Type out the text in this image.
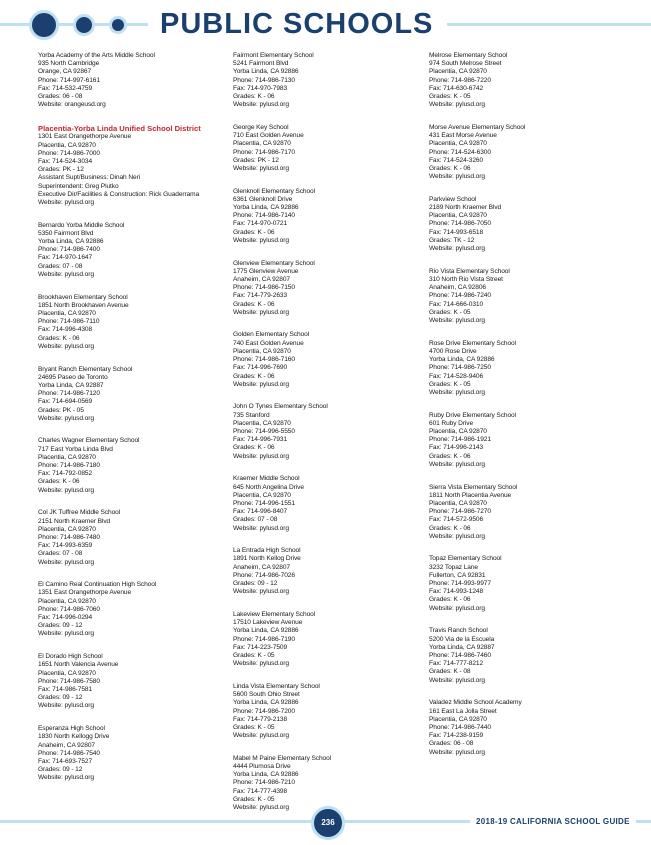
PUBLIC SCHOOLS
Yorba Academy of the Arts Middle School
935 North Cambridge
Orange, CA 92867
Phone: 714-997-6161
Fax: 714-532-4759
Grades: 06 - 08
Website: orangeusd.org
Placentia-Yorba Linda Unified School District
1301 East Orangethorpe Avenue
Placentia, CA 92870
Phone: 714-986-7000
Fax: 714-524-3034
Grades: PK - 12
Assistant Supt/Business: Dinah Neri
Superintendent: Greg Plutko
Executive Dir/Facilities & Construction: Rick Guaderrama
Website: pylusd.org
Bernardo Yorba Middle School
5350 Fairmont Blvd
Yorba Linda, CA 92886
Phone: 714-986-7400
Fax: 714-970-1647
Grades: 07 - 08
Website: pylusd.org
Brookhaven Elementary School
1851 North Brookhaven Avenue
Placentia, CA 92870
Phone: 714-986-7110
Fax: 714-996-4308
Grades: K - 06
Website: pylusd.org
Bryant Ranch Elementary School
24695 Paseo de Toronto
Yorba Linda, CA 92887
Phone: 714-986-7120
Fax: 714-694-0569
Grades: PK - 05
Website: pylusd.org
Charles Wagner Elementary School
717 East Yorba Linda Blvd
Placentia, CA 92870
Phone: 714-986-7180
Fax: 714-792-0852
Grades: K - 06
Website: pylusd.org
Col JK Tuffree Middle School
2151 North Kraemer Blvd
Placentia, CA 92870
Phone: 714-986-7480
Fax: 714-993-6359
Grades: 07 - 08
Website: pylusd.org
El Camino Real Continuation High School
1351 East Orangethorpe Avenue
Placentia, CA 92870
Phone: 714-986-7060
Fax: 714-996-0294
Grades: 09 - 12
Website: pylusd.org
El Dorado High School
1651 North Valencia Avenue
Placentia, CA 92870
Phone: 714-986-7580
Fax: 714-986-7581
Grades: 09 - 12
Website: pylusd.org
Esperanza High School
1830 North Kellogg Drive
Anaheim, CA 92807
Phone: 714-986-7540
Fax: 714-693-7527
Grades: 09 - 12
Website: pylusd.org
Fairmont Elementary School
5241 Fairmont Blvd
Yorba Linda, CA 92886
Phone: 714-986-7130
Fax: 714-970-7983
Grades: K - 06
Website: pylusd.org
George Key School
710 East Golden Avenue
Placentia, CA 92870
Phone: 714-986-7170
Grades: PK - 12
Website: pylusd.org
Glenknoll Elementary School
6361 Glenknoll Drive
Yorba Linda, CA 92886
Phone: 714-986-7140
Fax: 714-970-0721
Grades: K - 06
Website: pylusd.org
Glenview Elementary School
1775 Glenview Avenue
Anaheim, CA 92807
Phone: 714-986-7150
Fax: 714-779-2633
Grades: K - 06
Website: pylusd.org
Golden Elementary School
740 East Golden Avenue
Placentia, CA 92870
Phone: 714-986-7160
Fax: 714-996-7690
Grades: K - 06
Website: pylusd.org
John O Tynes Elementary School
735 Stanford
Placentia, CA 92870
Phone: 714-996-5550
Fax: 714-996-7931
Grades: K - 06
Website: pylusd.org
Kraemer Middle School
645 North Angelina Drive
Placentia, CA 92870
Phone: 714-996-1551
Fax: 714-996-8407
Grades: 07 - 08
Website: pylusd.org
La Entrada High School
1891 North Kellog Drive
Anaheim, CA 92807
Phone: 714-986-7026
Grades: 09 - 12
Website: pylusd.org
Lakeview Elementary School
17510 Lakeview Avenue
Yorba Linda, CA 92886
Phone: 714-986-7190
Fax: 714-223-7509
Grades: K - 05
Website: pylusd.org
Linda Vista Elementary School
5600 South Ohio Street
Yorba Linda, CA 92886
Phone: 714-986-7200
Fax: 714-779-2138
Grades: K - 05
Website: pylusd.org
Mabel M Paine Elementary School
4444 Plumosa Drive
Yorba Linda, CA 92886
Phone: 714-986-7210
Fax: 714-777-4398
Grades: K - 05
Website: pylusd.org
Melrose Elementary School
974 South Melrose Street
Placentia, CA 92870
Phone: 714-986-7220
Fax: 714-630-6742
Grades: K - 05
Website: pylusd.org
Morse Avenue Elementary School
431 East Morse Avenue
Placentia, CA 92870
Phone: 714-524-6300
Fax: 714-524-3260
Grades: K - 06
Website: pylusd.org
Parkview School
2189 North Kraemer Blvd
Placentia, CA 92870
Phone: 714-986-7050
Fax: 714-993-6518
Grades: TK - 12
Website: pylusd.org
Rio Vista Elementary School
310 North Rio Vista Street
Anaheim, CA 92806
Phone: 714-986-7240
Fax: 714-666-0310
Grades: K - 05
Website: pylusd.org
Rose Drive Elementary School
4700 Rose Drive
Yorba Linda, CA 92886
Phone: 714-986-7250
Fax: 714-528-9406
Grades: K - 05
Website: pylusd.org
Ruby Drive Elementary School
601 Ruby Drive
Placentia, CA 92870
Phone: 714-986-1921
Fax: 714-996-2143
Grades: K - 06
Website: pylusd.org
Sierra Vista Elementary School
1811 North Placentia Avenue
Placentia, CA 92870
Phone: 714-986-7270
Fax: 714-572-9506
Grades: K - 06
Website: pylusd.org
Topaz Elementary School
3232 Topaz Lane
Fullerton, CA 92831
Phone: 714-993-9977
Fax: 714-993-1248
Grades: K - 06
Website: pylusd.org
Travis Ranch School
5200 Via de la Escuela
Yorba Linda, CA 92887
Phone: 714-986-7460
Fax: 714-777-8212
Grades: K - 08
Website: pylusd.org
Valadez Middle School Academy
161 East La Jolla Street
Placentia, CA 92870
Phone: 714-986-7440
Fax: 714-238-9159
Grades: 06 - 08
Website: pylusd.org
236	2018-19 CALIFORNIA SCHOOL GUIDE
